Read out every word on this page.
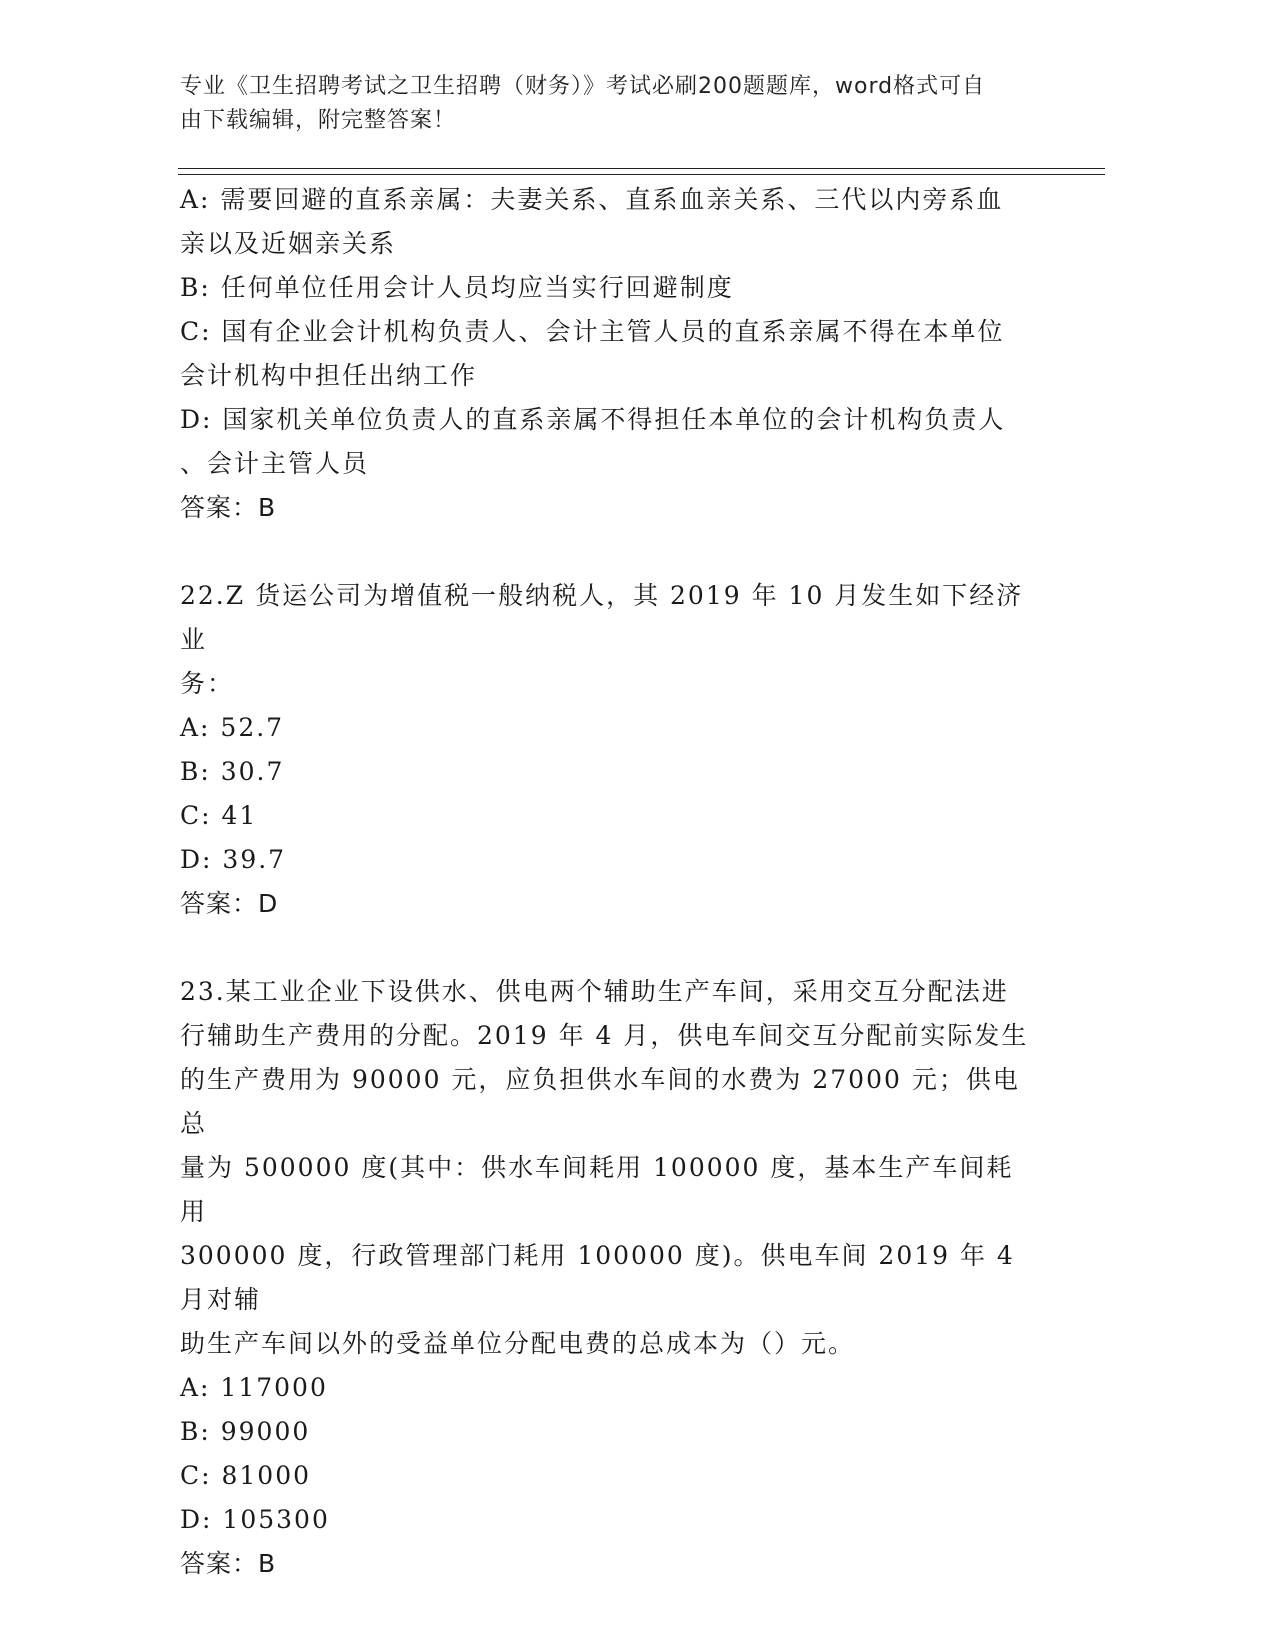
专业《卫生招聘考试之卫生招聘（财务）》考试必刷200题题库，word格式可自
由下载编辑，附完整答案！
A: 需要回避的直系亲属：夫妻关系、直系血亲关系、三代以内旁系血
亲以及近姻亲关系
B: 任何单位任用会计人员均应当实行回避制度
C: 国有企业会计机构负责人、会计主管人员的直系亲属不得在本单位
会计机构中担任出纳工作
D: 国家机关单位负责人的直系亲属不得担任本单位的会计机构负责人
、会计主管人员
答案：B
22.Z 货运公司为增值税一般纳税人，其 2019 年 10 月发生如下经济业
务：
A: 52.7
B: 30.7
C: 41
D: 39.7
答案：D
23.某工业企业下设供水、供电两个辅助生产车间，采用交互分配法进
行辅助生产费用的分配。2019 年 4 月，供电车间交互分配前实际发生
的生产费用为 90000 元，应负担供水车间的水费为 27000 元；供电总
量为 500000 度(其中：供水车间耗用 100000 度，基本生产车间耗用
300000 度，行政管理部门耗用 100000 度)。供电车间 2019 年 4 月对辅
助生产车间以外的受益单位分配电费的总成本为（）元。
A: 117000
B: 99000
C: 81000
D: 105300
答案：B
